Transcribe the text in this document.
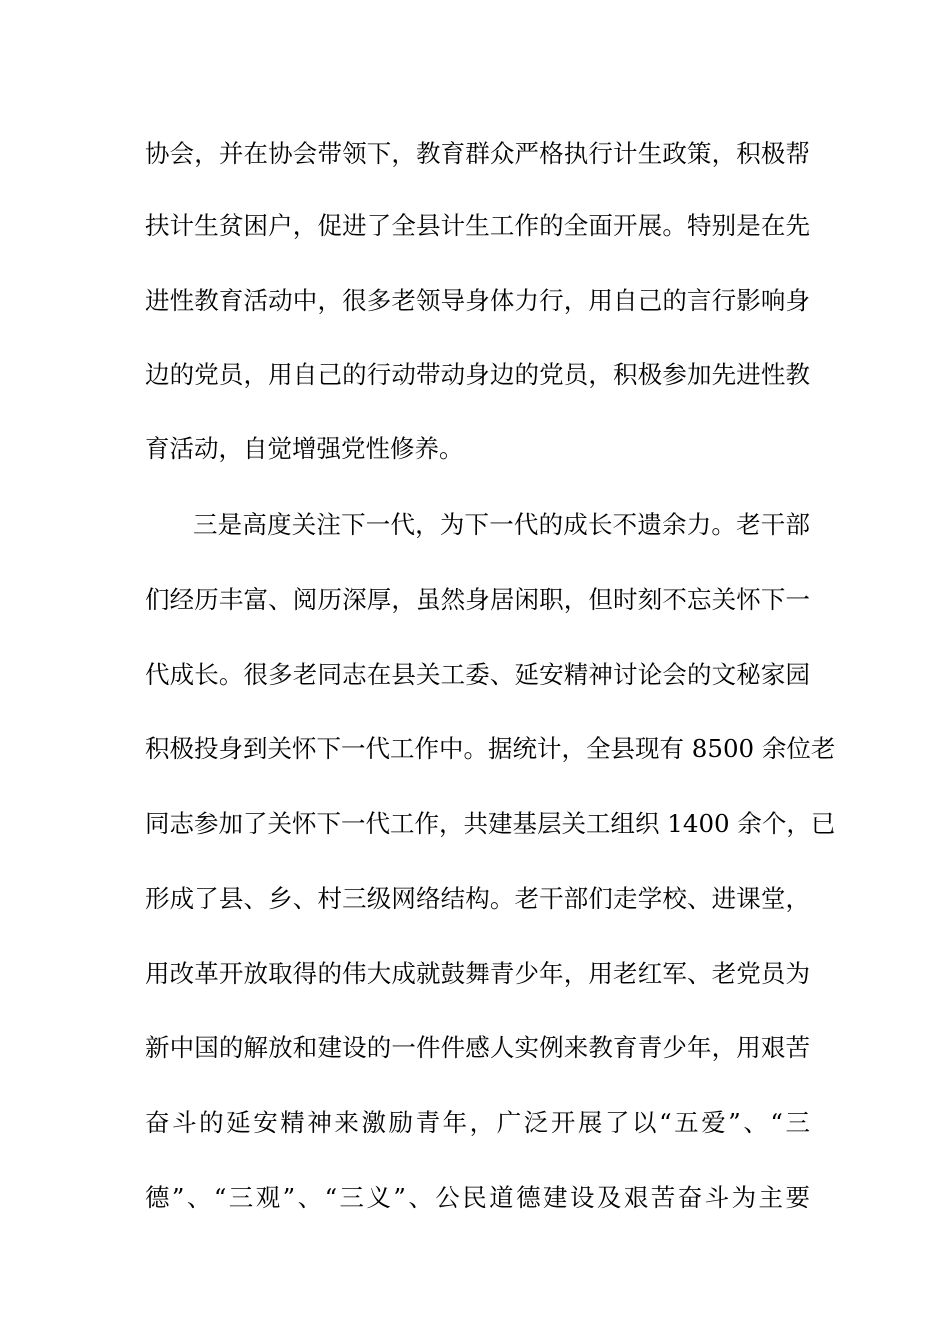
协会，并在协会带领下，教育群众严格执行计生政策，积极帮
扶计生贫困户，促进了全县计生工作的全面开展。特别是在先
进性教育活动中，很多老领导身体力行，用自己的言行影响身
边的党员，用自己的行动带动身边的党员，积极参加先进性教
育活动，自觉增强党性修养。
三是高度关注下一代，为下一代的成长不遗余力。老干部
们经历丰富、阅历深厚，虽然身居闲职，但时刻不忘关怀下一
代成长。很多老同志在县关工委、延安精神讨论会的文秘家园
积极投身到关怀下一代工作中。据统计，全县现有 8500 余位老
同志参加了关怀下一代工作，共建基层关工组织 1400 余个，已
形成了县、乡、村三级网络结构。老干部们走学校、进课堂，
用改革开放取得的伟大成就鼓舞青少年，用老红军、老党员为
新中国的解放和建设的一件件感人实例来教育青少年，用艰苦
奋斗的延安精神来激励青年，广泛开展了以“五爱”、“三
德”、“三观”、“三义”、公民道德建设及艰苦奋斗为主要
